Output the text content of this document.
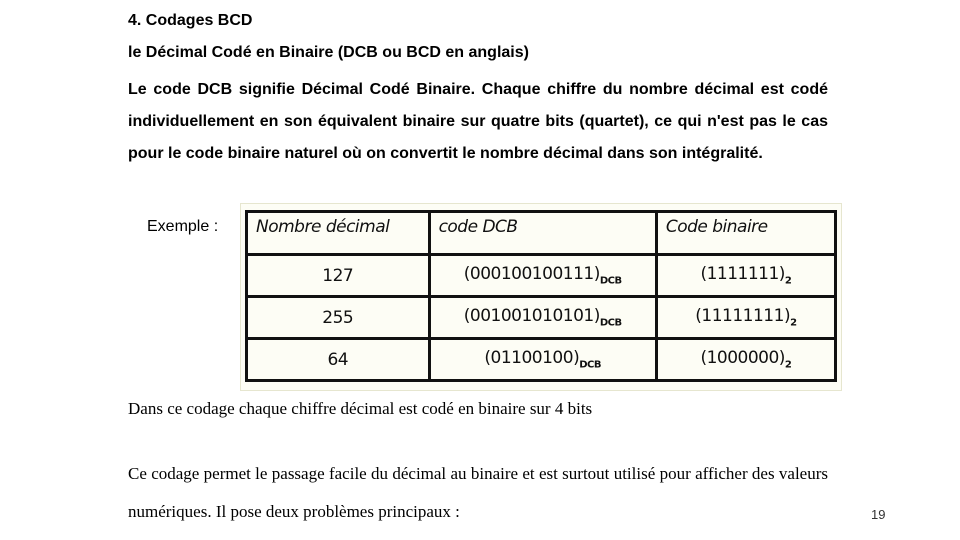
4. Codages BCD
le Décimal Codé en Binaire (DCB ou BCD en anglais)
Le code DCB signifie Décimal Codé Binaire. Chaque chiffre du nombre décimal est codé individuellement en son équivalent binaire sur quatre bits (quartet), ce qui n'est pas le cas pour le code binaire naturel où on convertit le nombre décimal dans son intégralité.
Exemple : Nombre décimal	code DCB	Code binaire
127	$(000100100111)_{DCB}$	$(1111111)_2$
255	$(001001010101)_{DCB}$	$(11111111)_2$
64	$(01100100)_{DCB}$	$(1000000)_2$
Dans ce codage chaque chiffre décimal est codé en binaire sur 4 bits
Ce codage permet le passage facile du décimal au binaire et est surtout utilisé pour afficher des valeurs numériques. Il pose deux problèmes principaux :	19
